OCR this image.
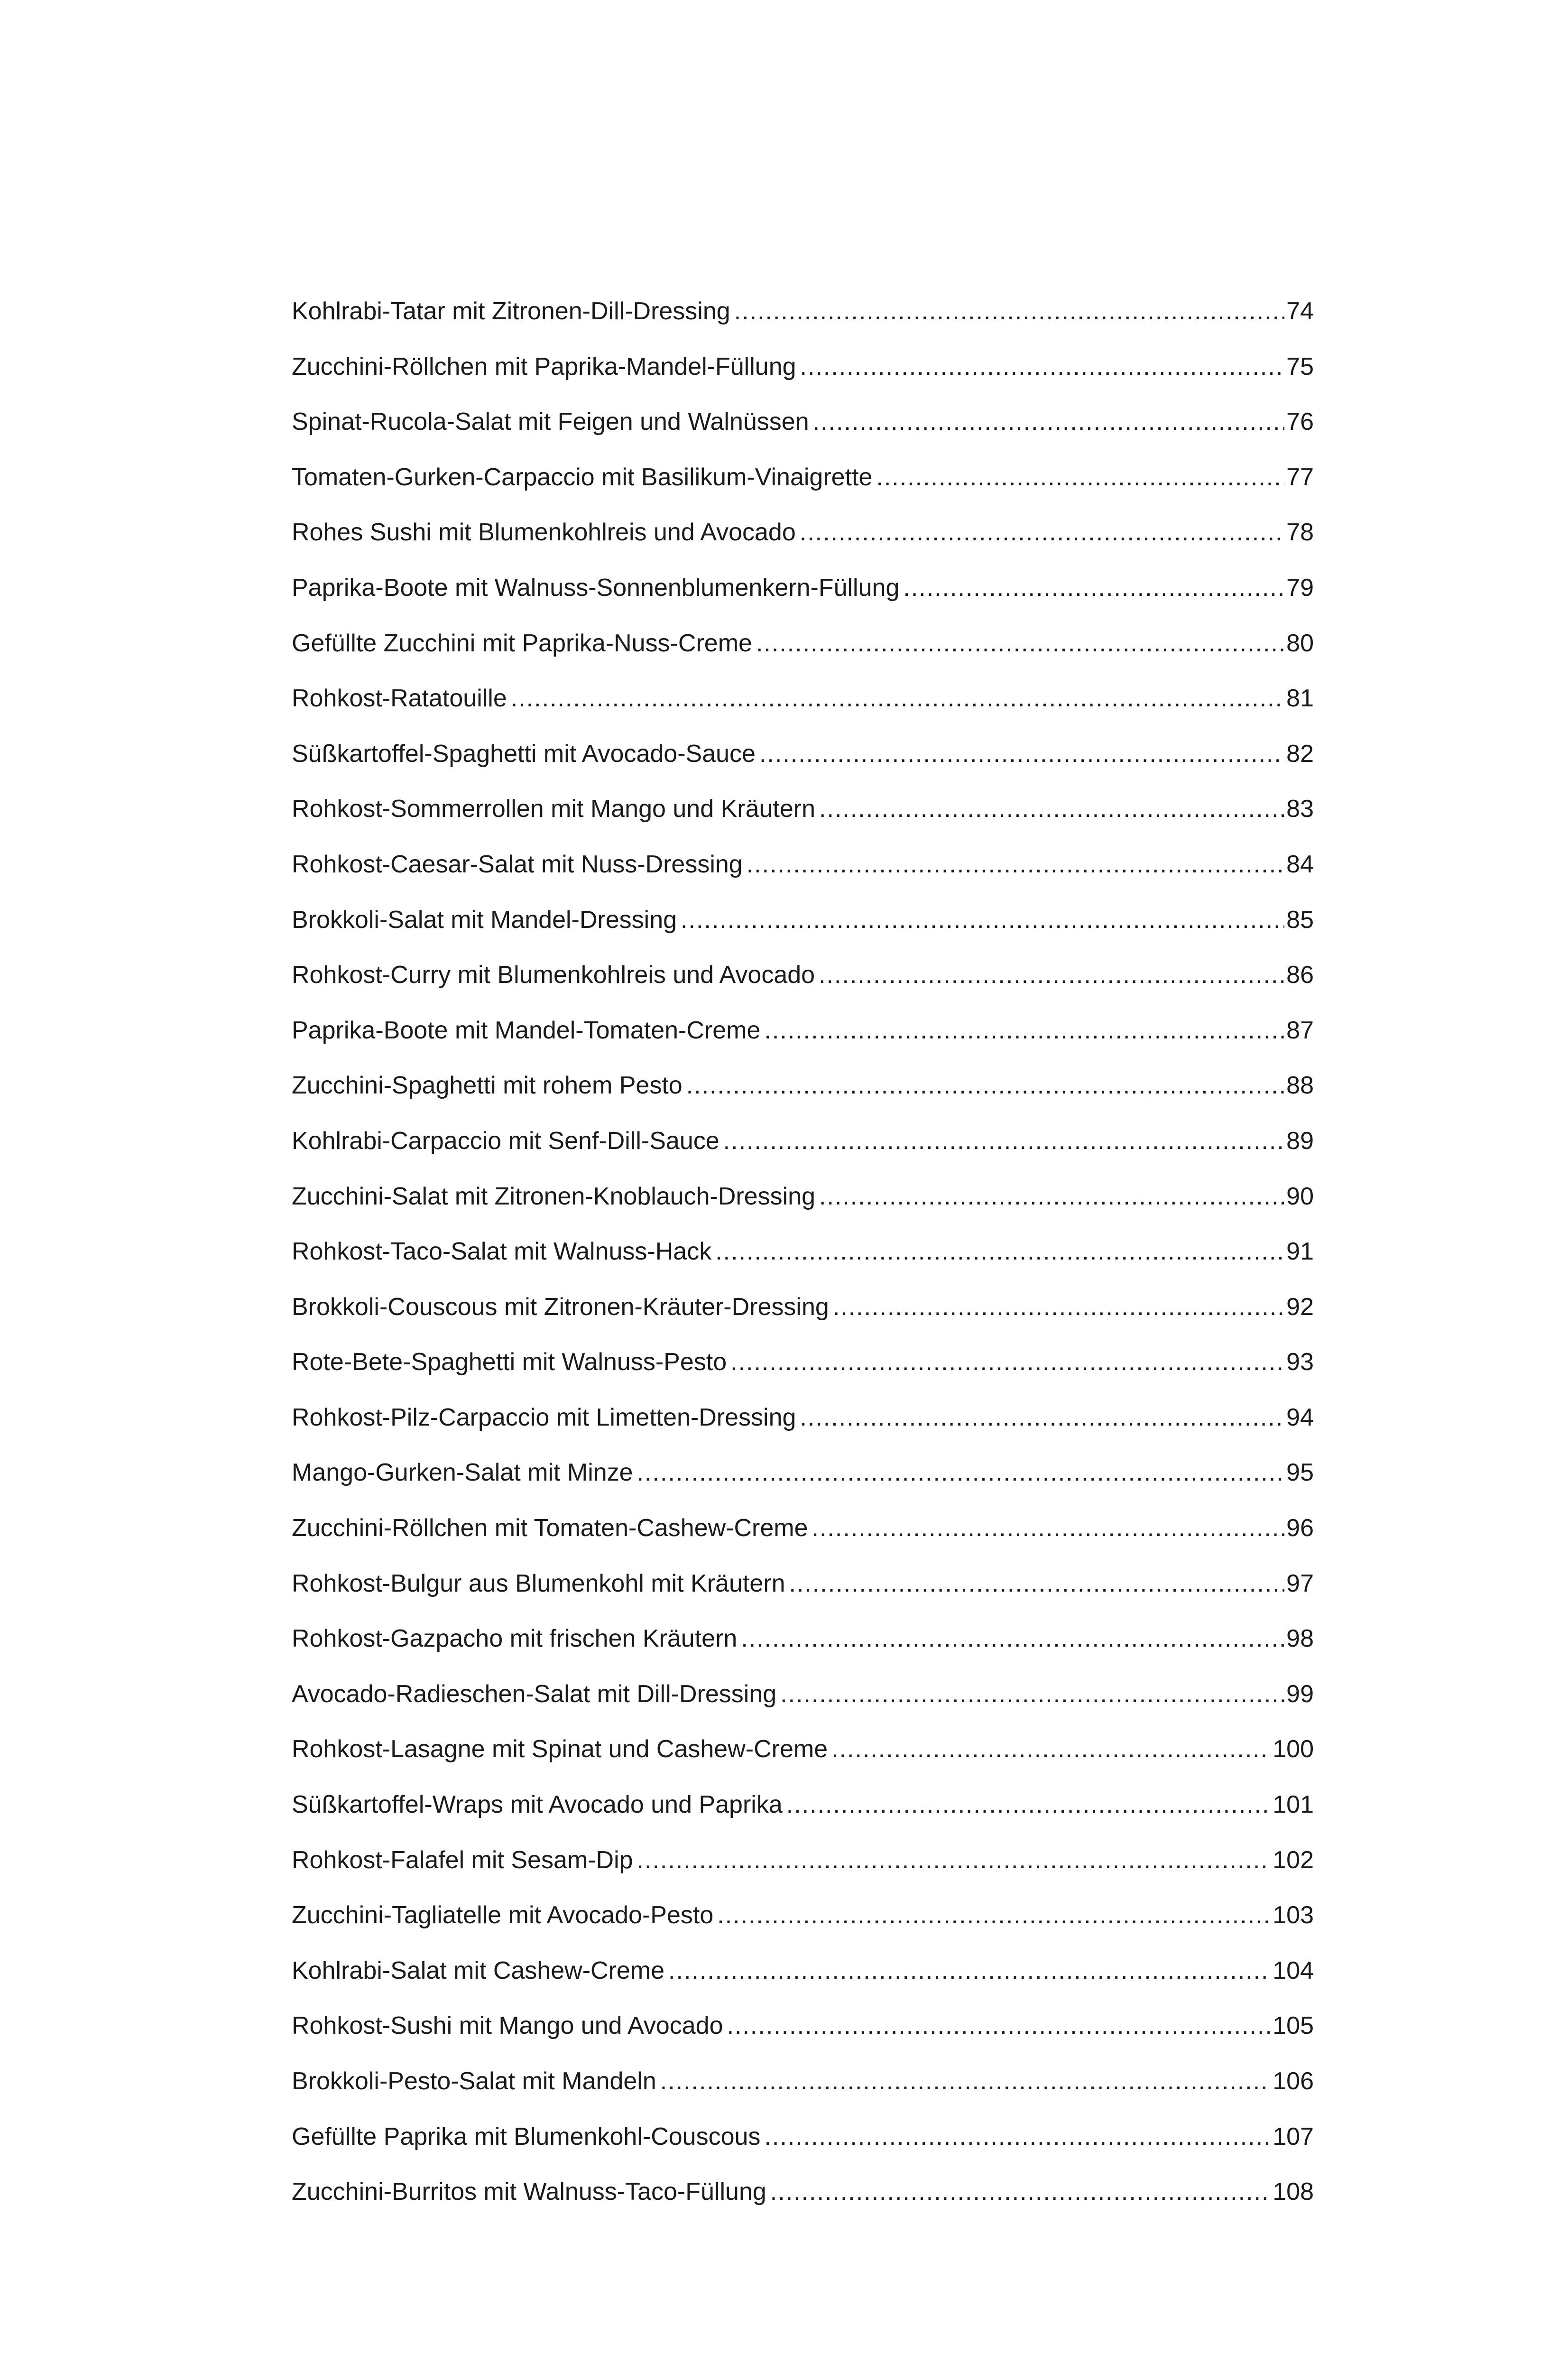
Kohlrabi-Tatar mit Zitronen-Dill-Dressing .....	74
Zucchini-Röllchen mit Paprika-Mandel-Füllung .....	75
Spinat-Rucola-Salat mit Feigen und Walnüssen .....	76
Tomaten-Gurken-Carpaccio mit Basilikum-Vinaigrette .....	77
Rohes Sushi mit Blumenkohlreis und Avocado .....	78
Paprika-Boote mit Walnuss-Sonnenblumenkern-Füllung .....	79
Gefüllte Zucchini mit Paprika-Nuss-Creme .....	80
Rohkost-Ratatouille .....	81
Süßkartoffel-Spaghetti mit Avocado-Sauce .....	82
Rohkost-Sommerrollen mit Mango und Kräutern .....	83
Rohkost-Caesar-Salat mit Nuss-Dressing .....	84
Brokkoli-Salat mit Mandel-Dressing .....	85
Rohkost-Curry mit Blumenkohlreis und Avocado .....	86
Paprika-Boote mit Mandel-Tomaten-Creme .....	87
Zucchini-Spaghetti mit rohem Pesto .....	88
Kohlrabi-Carpaccio mit Senf-Dill-Sauce .....	89
Zucchini-Salat mit Zitronen-Knoblauch-Dressing .....	90
Rohkost-Taco-Salat mit Walnuss-Hack .....	91
Brokkoli-Couscous mit Zitronen-Kräuter-Dressing .....	92
Rote-Bete-Spaghetti mit Walnuss-Pesto .....	93
Rohkost-Pilz-Carpaccio mit Limetten-Dressing .....	94
Mango-Gurken-Salat mit Minze .....	95
Zucchini-Röllchen mit Tomaten-Cashew-Creme .....	96
Rohkost-Bulgur aus Blumenkohl mit Kräutern .....	97
Rohkost-Gazpacho mit frischen Kräutern .....	98
Avocado-Radieschen-Salat mit Dill-Dressing .....	99
Rohkost-Lasagne mit Spinat und Cashew-Creme .....	100
Süßkartoffel-Wraps mit Avocado und Paprika .....	101
Rohkost-Falafel mit Sesam-Dip .....	102
Zucchini-Tagliatelle mit Avocado-Pesto .....	103
Kohlrabi-Salat mit Cashew-Creme .....	104
Rohkost-Sushi mit Mango und Avocado .....	105
Brokkoli-Pesto-Salat mit Mandeln .....	106
Gefüllte Paprika mit Blumenkohl-Couscous .....	107
Zucchini-Burritos mit Walnuss-Taco-Füllung .....	108
